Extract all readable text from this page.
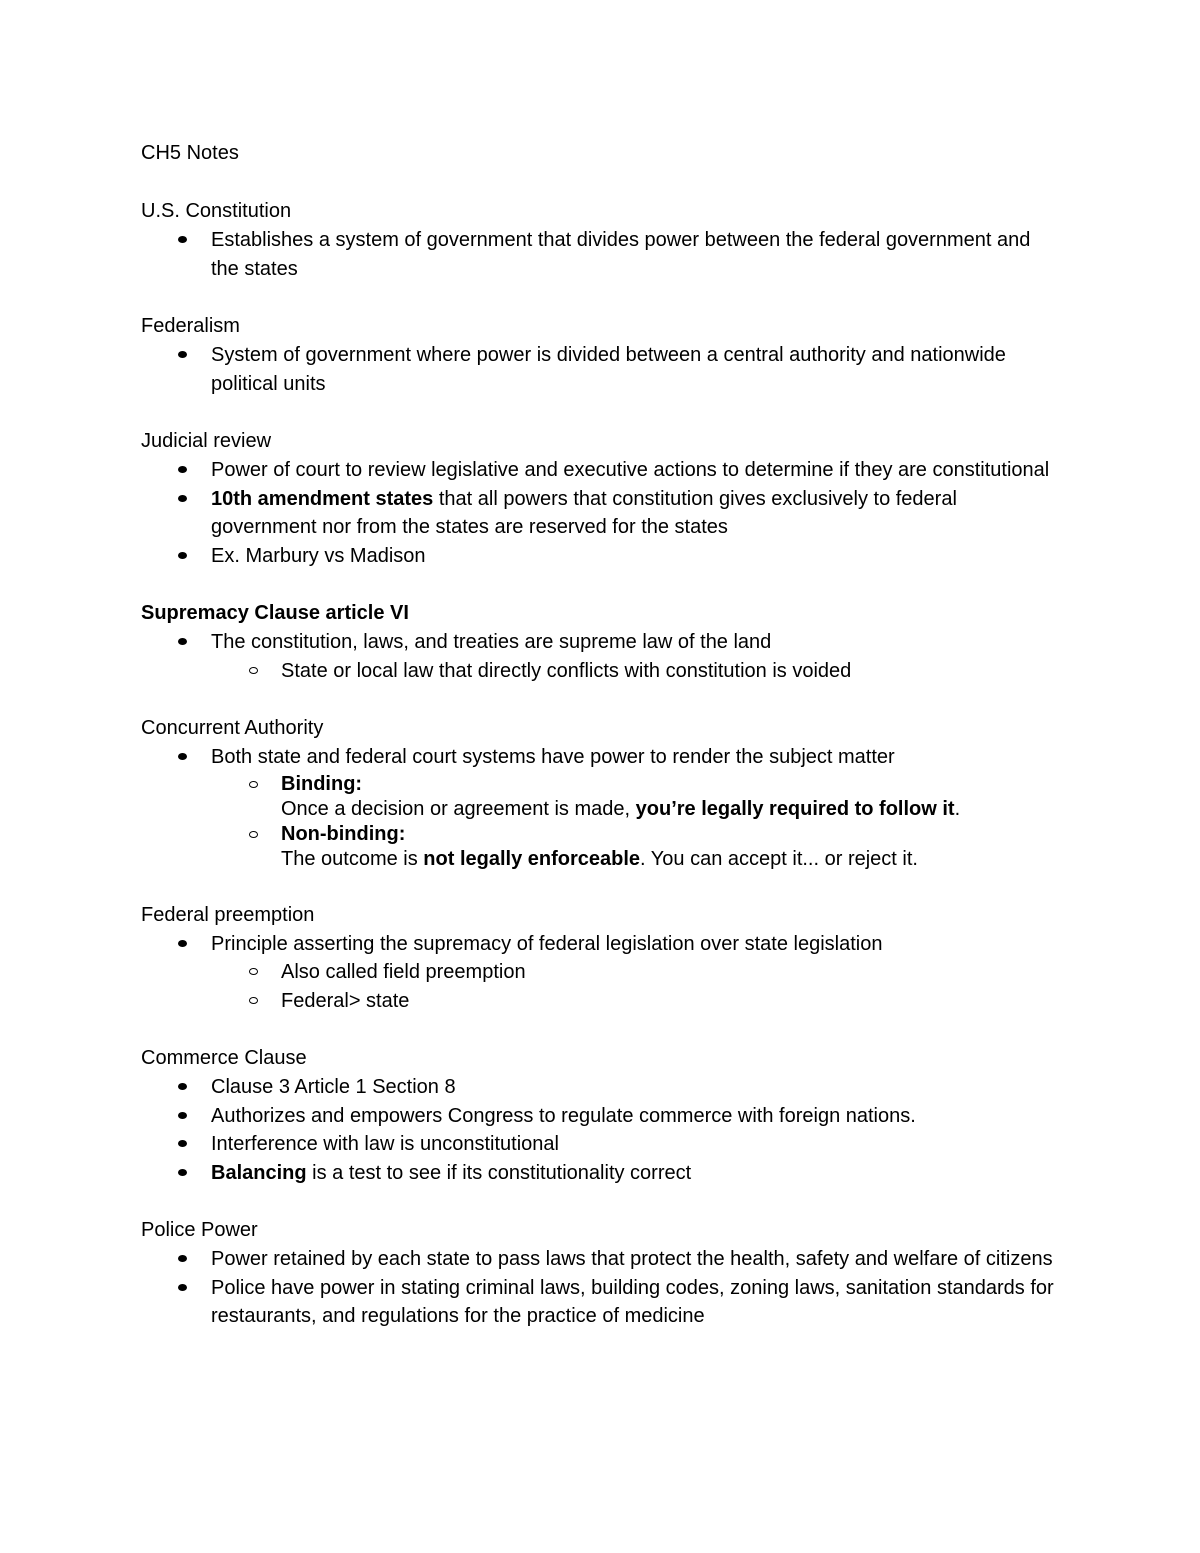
CH5 Notes
U.S. Constitution
Establishes a system of government that divides power between the federal government and the states
Federalism
System of government where power is divided between a central authority and nationwide political units
Judicial review
Power of court to review legislative and executive actions to determine if they are constitutional
10th amendment states that all powers that constitution gives exclusively to federal government nor from the states are reserved for the states
Ex. Marbury vs Madison
Supremacy Clause article VI
The constitution, laws, and treaties are supreme law of the land
State or local law that directly conflicts with constitution is voided
Concurrent Authority
Both state and federal court systems have power to render the subject matter
Binding:
Once a decision or agreement is made, you’re legally required to follow it.
Non-binding:
The outcome is not legally enforceable. You can accept it... or reject it.
Federal preemption
Principle asserting the supremacy of federal legislation over state legislation
Also called field preemption
Federal> state
Commerce Clause
Clause 3 Article 1 Section 8
Authorizes and empowers Congress to regulate commerce with foreign nations.
Interference with law is unconstitutional
Balancing is a test to see if its constitutionality correct
Police Power
Power retained by each state to pass laws that protect the health, safety and welfare of citizens
Police have power in stating criminal laws, building codes, zoning laws, sanitation standards for restaurants, and regulations for the practice of medicine
